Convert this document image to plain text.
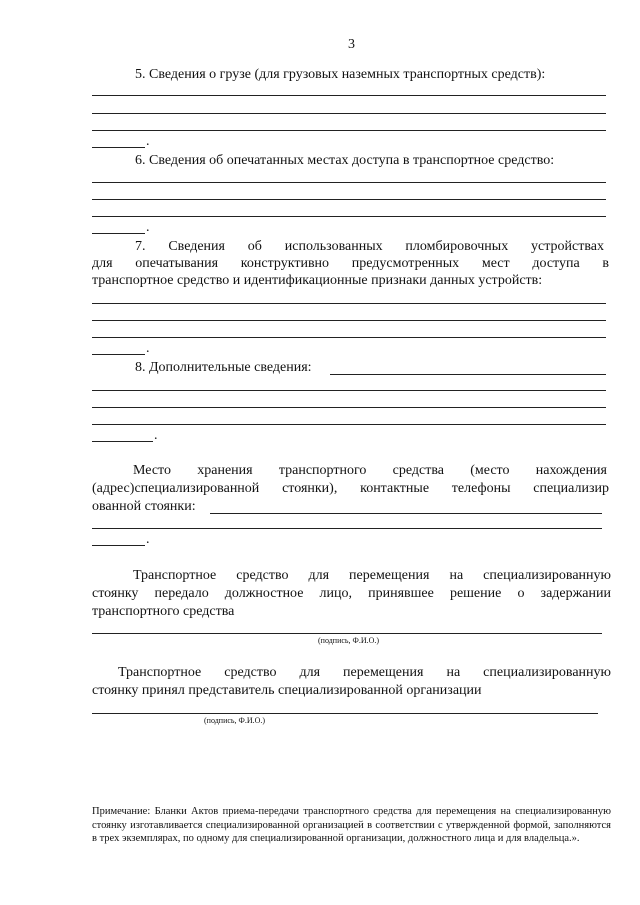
3
5. Сведения о грузе (для грузовых наземных транспортных средств):
.
6. Сведения об опечатанных местах доступа в транспортное средство:
.
7. Сведения об использованных пломбировочных устройствах
для опечатывания конструктивно предусмотренных мест доступа в
транспортное средство и идентификационные признаки данных устройств:
.
8. Дополнительные сведения:
.
Место хранения транспортного средства (место нахождения
(адрес)специализированной стоянки), контактные телефоны специализир
ованной стоянки:
.
Транспортное средство для перемещения на специализированную
стоянку передало должностное лицо, принявшее решение о задержании
транспортного средства
(подпись, Ф.И.О.)
Транспортное средство для перемещения на специализированную
стоянку принял представитель специализированной организации
(подпись, Ф.И.О.)
Примечание: Бланки Актов приема-передачи транспортного средства для перемещения на специализированную стоянку изготавливается специализированной организацией в соответствии с утвержденной формой, заполняются в трех экземплярах, по одному для специализированной организации, должностного лица и для владельца.».
